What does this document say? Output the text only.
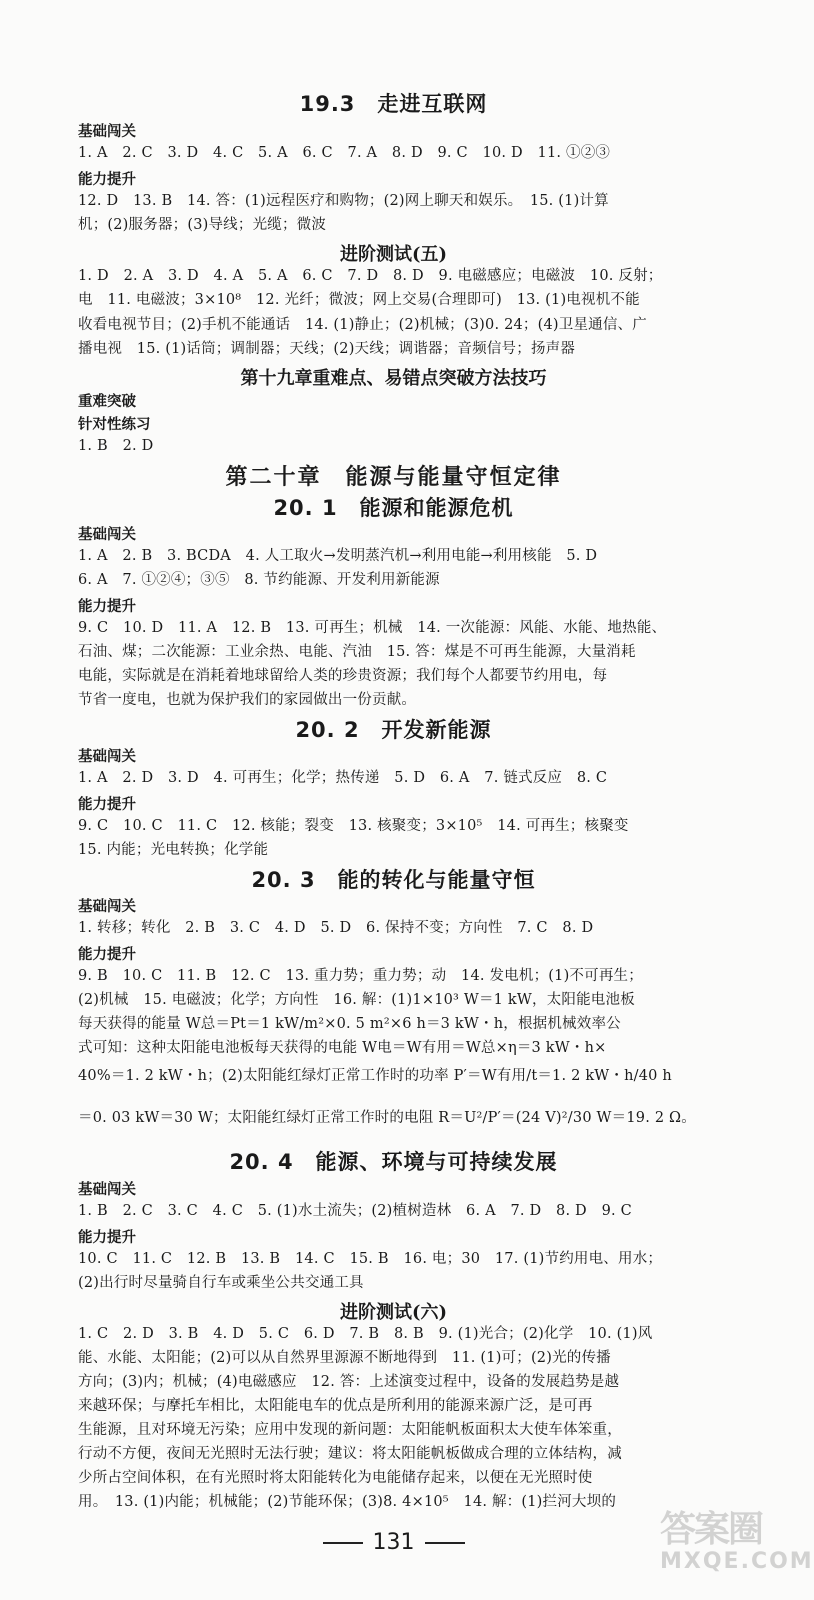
19.3　走进互联网
基础闯关
1. A　2. C　3. D　4. C　5. A　6. C　7. A　8. D　9. C　10. D　11. ①②③
能力提升
12. D　13. B　14. 答：(1)远程医疗和购物；(2)网上聊天和娱乐。　15. (1)计算
机；(2)服务器；(3)导线；光缆；微波
进阶测试(五)
1. D　2. A　3. D　4. A　5. A　6. C　7. D　8. D　9. 电磁感应；电磁波　10. 反射；
电　11. 电磁波；3×10⁸　12. 光纤；微波；网上交易(合理即可)　13. (1)电视机不能
收看电视节目；(2)手机不能通话　14. (1)静止；(2)机械；(3)0. 24；(4)卫星通信、广
播电视　15. (1)话筒；调制器；天线；(2)天线；调谐器；音频信号；扬声器
第十九章重难点、易错点突破方法技巧
重难突破
针对性练习
1. B　2. D
第二十章　能源与能量守恒定律
20. 1　能源和能源危机
基础闯关
1. A　2. B　3. BCDA　4. 人工取火→发明蒸汽机→利用电能→利用核能　5. D
6. A　7. ①②④；③⑤　8. 节约能源、开发利用新能源
能力提升
9. C　10. D　11. A　12. B　13. 可再生；机械　14. 一次能源：风能、水能、地热能、
石油、煤；二次能源：工业余热、电能、汽油　15. 答：煤是不可再生能源，大量消耗
电能，实际就是在消耗着地球留给人类的珍贵资源；我们每个人都要节约用电，每
节省一度电，也就为保护我们的家园做出一份贡献。
20. 2　开发新能源
基础闯关
1. A　2. D　3. D　4. 可再生；化学；热传递　5. D　6. A　7. 链式反应　8. C
能力提升
9. C　10. C　11. C　12. 核能；裂变　13. 核聚变；3×10⁵　14. 可再生；核聚变
15. 内能；光电转换；化学能
20. 3　能的转化与能量守恒
基础闯关
1. 转移；转化　2. B　3. C　4. D　5. D　6. 保持不变；方向性　7. C　8. D
能力提升
9. B　10. C　11. B　12. C　13. 重力势；重力势；动　14. 发电机；(1)不可再生；
(2)机械　15. 电磁波；化学；方向性　16. 解：(1)1×10³ W＝1 kW，太阳能电池板
每天获得的能量 W总＝Pt＝1 kW/m²×0. 5 m²×6 h＝3 kW・h，根据机械效率公
式可知：这种太阳能电池板每天获得的电能 W电＝W有用＝W总×η＝3 kW・h×
40%＝1. 2 kW・h；(2)太阳能红绿灯正常工作时的功率 P′＝W有用/t＝1. 2 kW・h/40 h
＝0. 03 kW＝30 W；太阳能红绿灯正常工作时的电阻 R＝U²/P′＝(24 V)²/30 W＝19. 2 Ω。
20. 4　能源、环境与可持续发展
基础闯关
1. B　2. C　3. C　4. C　5. (1)水土流失；(2)植树造林　6. A　7. D　8. D　9. C
能力提升
10. C　11. C　12. B　13. B　14. C　15. B　16. 电；30　17. (1)节约用电、用水；
(2)出行时尽量骑自行车或乘坐公共交通工具
进阶测试(六)
1. C　2. D　3. B　4. D　5. C　6. D　7. B　8. B　9. (1)光合；(2)化学　10. (1)风
能、水能、太阳能；(2)可以从自然界里源源不断地得到　11. (1)可；(2)光的传播
方向；(3)内；机械；(4)电磁感应　12. 答：上述演变过程中，设备的发展趋势是越
来越环保；与摩托车相比，太阳能电车的优点是所利用的能源来源广泛，是可再
生能源，且对环境无污染；应用中发现的新问题：太阳能帆板面积太大使车体笨重，
行动不方便，夜间无光照时无法行驶；建议：将太阳能帆板做成合理的立体结构，减
少所占空间体积，在有光照时将太阳能转化为电能储存起来，以便在无光照时使
用。　13. (1)内能；机械能；(2)节能环保；(3)8. 4×10⁵　14. 解：(1)拦河大坝的
131	答案圈
MXQE.COM
